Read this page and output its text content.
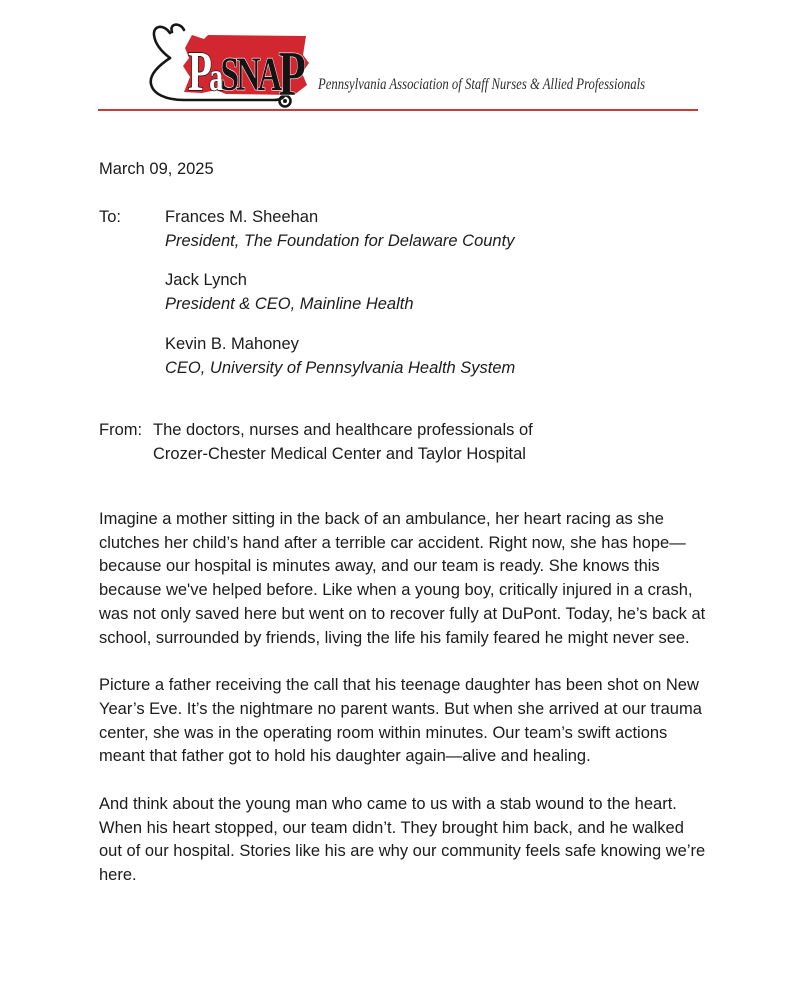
PaSNAP Pennsylvania Association of Staff Nurses & Allied Professionals
March 09, 2025
To:	Frances M. Sheehan
President, The Foundation for Delaware County
Jack Lynch
President & CEO, Mainline Health
Kevin B. Mahoney
CEO, University of Pennsylvania Health System
From: The doctors, nurses and healthcare professionals of
Crozer-Chester Medical Center and Taylor Hospital

Imagine a mother sitting in the back of an ambulance, her heart racing as she clutches her child’s hand after a terrible car accident. Right now, she has hope—because our hospital is minutes away, and our team is ready. She knows this because we've helped before. Like when a young boy, critically injured in a crash, was not only saved here but went on to recover fully at DuPont. Today, he’s back at school, surrounded by friends, living the life his family feared he might never see.

Picture a father receiving the call that his teenage daughter has been shot on New Year’s Eve. It’s the nightmare no parent wants. But when she arrived at our trauma center, she was in the operating room within minutes. Our team’s swift actions meant that father got to hold his daughter again—alive and healing.

And think about the young man who came to us with a stab wound to the heart. When his heart stopped, our team didn’t. They brought him back, and he walked out of our hospital. Stories like his are why our community feels safe knowing we’re here.
